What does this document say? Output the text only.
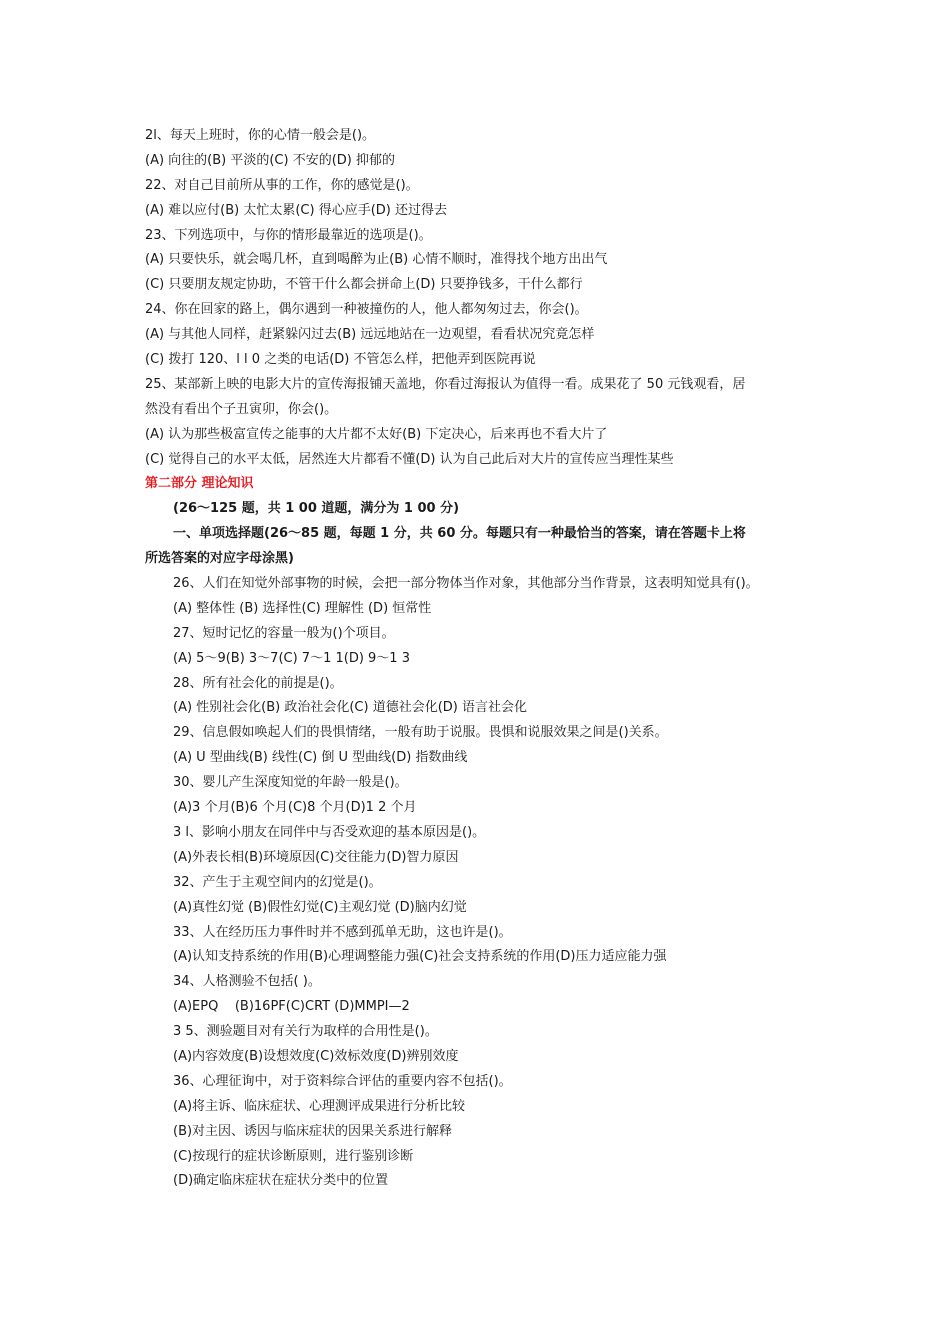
2l、每天上班时，你的心情一般会是()。
(A) 向往的(B) 平淡的(C) 不安的(D) 抑郁的
22、对自己目前所从事的工作，你的感觉是()。
(A) 难以应付(B) 太忙太累(C) 得心应手(D) 还过得去
23、下列选项中，与你的情形最靠近的选项是()。
(A) 只要快乐，就会喝几杯，直到喝醉为止(B) 心情不顺时，准得找个地方出出气
(C) 只要朋友规定协助，不管干什么都会拼命上(D) 只要挣钱多，干什么都行
24、你在回家的路上，偶尔遇到一种被撞伤的人，他人都匆匆过去，你会()。
(A) 与其他人同样，赶紧躲闪过去(B) 远远地站在一边观望，看看状况究竟怎样
(C) 拨打 120、l l 0 之类的电话(D) 不管怎么样，把他弄到医院再说
25、某部新上映的电影大片的宣传海报铺天盖地，你看过海报认为值得一看。成果花了 50 元钱观看，居
然没有看出个子丑寅卯，你会()。
(A) 认为那些极富宣传之能事的大片都不太好(B) 下定决心，后来再也不看大片了
(C) 觉得自己的水平太低，居然连大片都看不懂(D) 认为自己此后对大片的宣传应当理性某些
第二部分 理论知识
(26～125 题，共 1 00 道题，满分为 1 00 分)
一、单项选择题(26～85 题，每题 1 分，共 60 分。每题只有一种最恰当的答案，请在答题卡上将
所选答案的对应字母涂黑)
26、人们在知觉外部事物的时候，会把一部分物体当作对象，其他部分当作背景，这表明知觉具有()。
(A) 整体性 (B) 选择性(C) 理解性 (D) 恒常性
27、短时记忆的容量一般为()个项目。
(A) 5～9(B) 3～7(C) 7～1 1(D) 9～1 3
28、所有社会化的前提是()。
(A) 性别社会化(B) 政治社会化(C) 道德社会化(D) 语言社会化
29、信息假如唤起人们的畏惧情绪，一般有助于说服。畏惧和说服效果之间是()关系。
(A) U 型曲线(B) 线性(C) 倒 U 型曲线(D) 指数曲线
30、婴儿产生深度知觉的年龄一般是()。
(A)3 个月(B)6 个月(C)8 个月(D)1 2 个月
3 l、影响小朋友在同伴中与否受欢迎的基本原因是()。
(A)外表长相(B)环境原因(C)交往能力(D)智力原因
32、产生于主观空间内的幻觉是()。
(A)真性幻觉 (B)假性幻觉(C)主观幻觉 (D)脑内幻觉
33、人在经历压力事件时并不感到孤单无助，这也许是()。
(A)认知支持系统的作用(B)心理调整能力强(C)社会支持系统的作用(D)压力适应能力强
34、人格测验不包括( )。
(A)EPQ    (B)16PF(C)CRT (D)MMPI—2
3 5、测验题目对有关行为取样的合用性是()。
(A)内容效度(B)设想效度(C)效标效度(D)辨别效度
36、心理征询中，对于资料综合评估的重要内容不包括()。
(A)将主诉、临床症状、心理测评成果进行分析比较
(B)对主因、诱因与临床症状的因果关系进行解释
(C)按现行的症状诊断原则，进行鉴别诊断
(D)确定临床症状在症状分类中的位置
